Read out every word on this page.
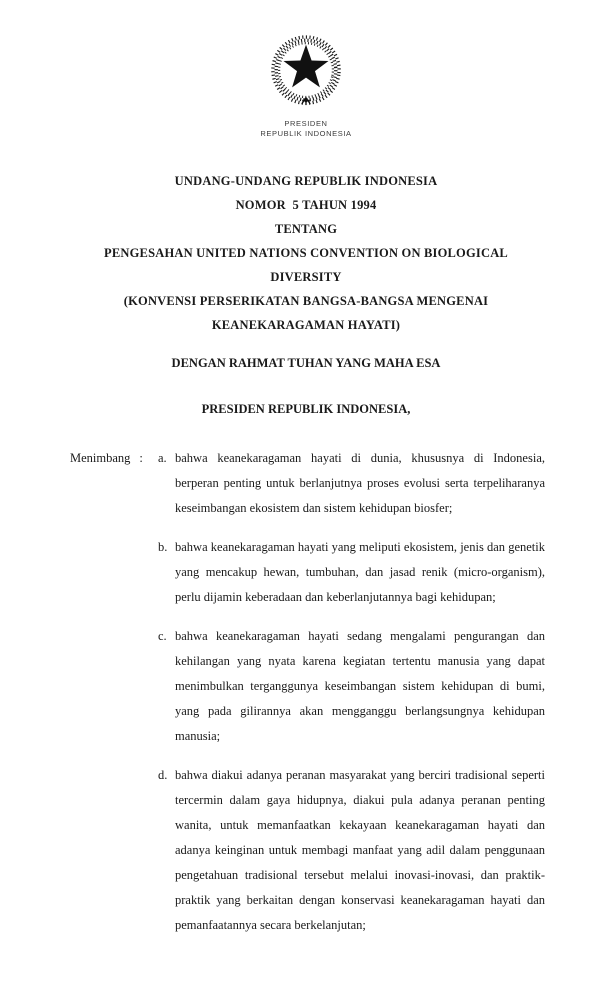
PRESIDEN
REPUBLIK INDONESIA
UNDANG-UNDANG REPUBLIK INDONESIA
NOMOR  5 TAHUN 1994
TENTANG
PENGESAHAN UNITED NATIONS CONVENTION ON BIOLOGICAL
DIVERSITY
(KONVENSI PERSERIKATAN BANGSA-BANGSA MENGENAI
KEANEKARAGAMAN HAYATI)
DENGAN RAHMAT TUHAN YANG MAHA ESA
PRESIDEN REPUBLIK INDONESIA,
Menimbang : a. bahwa keanekaragaman hayati di dunia, khususnya di Indonesia, berperan penting untuk berlanjutnya proses evolusi serta terpeliharanya keseimbangan ekosistem dan sistem kehidupan biosfer;
b. bahwa keanekaragaman hayati yang meliputi ekosistem, jenis dan genetik yang mencakup hewan, tumbuhan, dan jasad renik (micro-organism), perlu dijamin keberadaan dan keberlanjutannya bagi kehidupan;
c. bahwa keanekaragaman hayati sedang mengalami pengurangan dan kehilangan yang nyata karena kegiatan tertentu manusia yang dapat menimbulkan terganggunya keseimbangan sistem kehidupan di bumi, yang pada gilirannya akan mengganggu berlangsungnya kehidupan manusia;
d. bahwa diakui adanya peranan masyarakat yang berciri tradisional seperti tercermin dalam gaya hidupnya, diakui pula adanya peranan penting wanita, untuk memanfaatkan kekayaan keanekaragaman hayati dan adanya keinginan untuk membagi manfaat yang adil dalam penggunaan pengetahuan tradisional tersebut melalui inovasi-inovasi, dan praktik-praktik yang berkaitan dengan konservasi keanekaragaman hayati dan pemanfaatannya secara berkelanjutan;
